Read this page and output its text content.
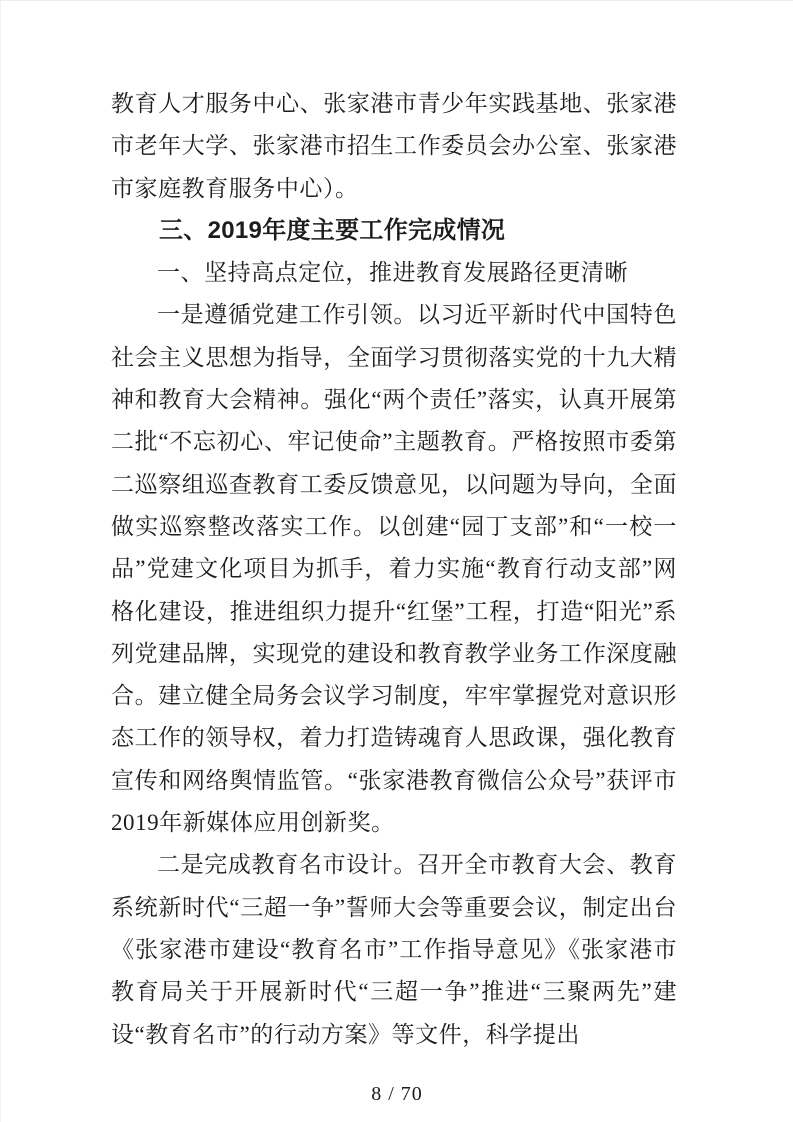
教育人才服务中心、张家港市青少年实践基地、张家港市老年大学、张家港市招生工作委员会办公室、张家港市家庭教育服务中心）。

三、2019年度主要工作完成情况

一、坚持高点定位，推进教育发展路径更清晰

一是遵循党建工作引领。以习近平新时代中国特色社会主义思想为指导，全面学习贯彻落实党的十九大精神和教育大会精神。强化“两个责任”落实，认真开展第二批“不忘初心、牢记使命”主题教育。严格按照市委第二巡察组巡查教育工委反馈意见，以问题为导向，全面做实巡察整改落实工作。以创建“园丁支部”和“一校一品”党建文化项目为抓手，着力实施“教育行动支部”网格化建设，推进组织力提升“红堡”工程，打造“阳光”系列党建品牌，实现党的建设和教育教学业务工作深度融合。建立健全局务会议学习制度，牢牢掌握党对意识形态工作的领导权，着力打造铸魂育人思政课，强化教育宣传和网络舆情监管。“张家港教育微信公众号”获评市2019年新媒体应用创新奖。

二是完成教育名市设计。召开全市教育大会、教育系统新时代“三超一争”誓师大会等重要会议，制定出台《张家港市建设“教育名市”工作指导意见》《张家港市教育局关于开展新时代“三超一争”推进“三聚两先”建设“教育名市”的行动方案》等文件，科学提出

8 / 70
